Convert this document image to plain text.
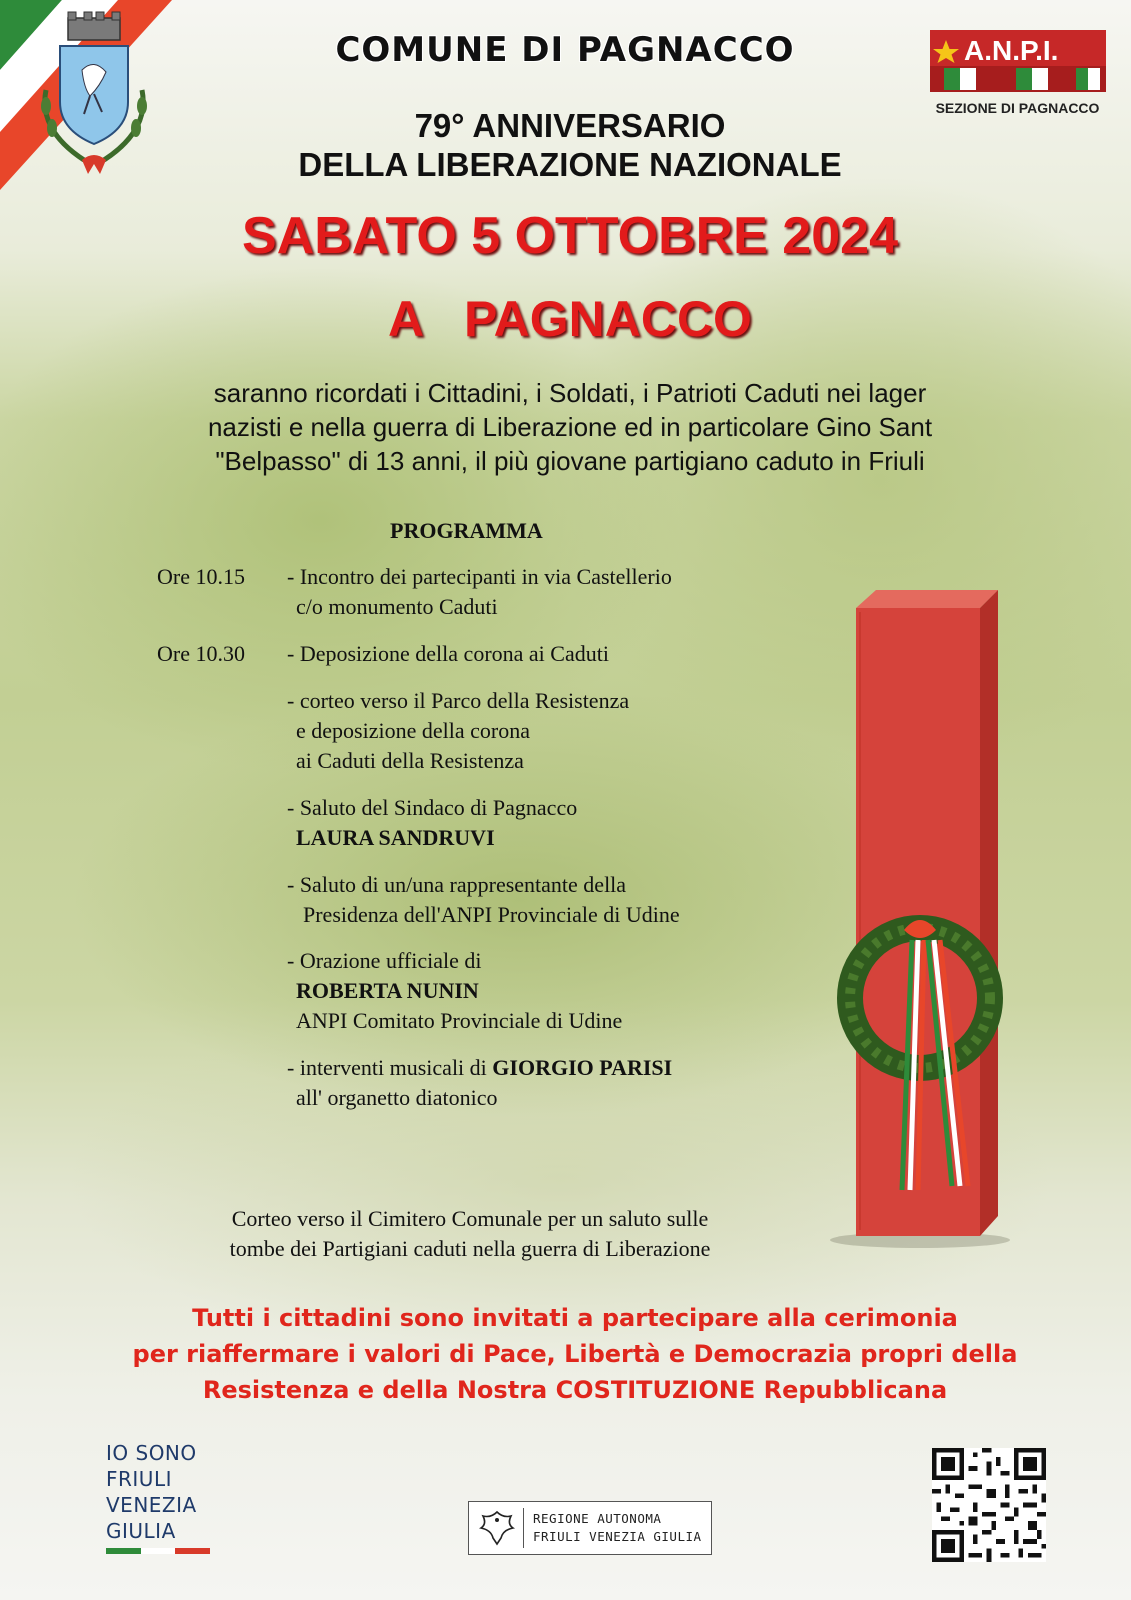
COMUNE DI PAGNACCO	A.N.P.I.
SEZIONE DI PAGNACCO
79° ANNIVERSARIO
DELLA LIBERAZIONE NAZIONALE
SABATO 5 OTTOBRE 2024
A   PAGNACCO
saranno ricordati i Cittadini, i Soldati, i Patrioti Caduti nei lager
nazisti e nella guerra di Liberazione ed in particolare Gino Sant
"Belpasso" di 13 anni, il più giovane partigiano caduto in Friuli
PROGRAMMA
Ore 10.15 - Incontro dei partecipanti in via Castellerio
c/o monumento Caduti
Ore 10.30 - Deposizione della corona ai Caduti
- corteo verso il Parco della Resistenza
e deposizione della corona
ai Caduti della Resistenza
- Saluto del Sindaco di Pagnacco
LAURA SANDRUVI
- Saluto di un/una rappresentante della
Presidenza dell'ANPI Provinciale di Udine
- Orazione ufficiale di
ROBERTA NUNIN
ANPI Comitato Provinciale di Udine
- interventi musicali di GIORGIO PARISI
all' organetto diatonico
Corteo verso il Cimitero Comunale per un saluto sulle
tombe dei Partigiani caduti nella guerra di Liberazione
Tutti i cittadini sono invitati a partecipare alla cerimonia
per riaffermare i valori di Pace, Libertà e Democrazia propri della
Resistenza e della Nostra COSTITUZIONE Repubblicana
IO SONO
FRIULI
VENEZIA
GIULIA
REGIONE AUTONOMA
FRIULI VENEZIA GIULIA
